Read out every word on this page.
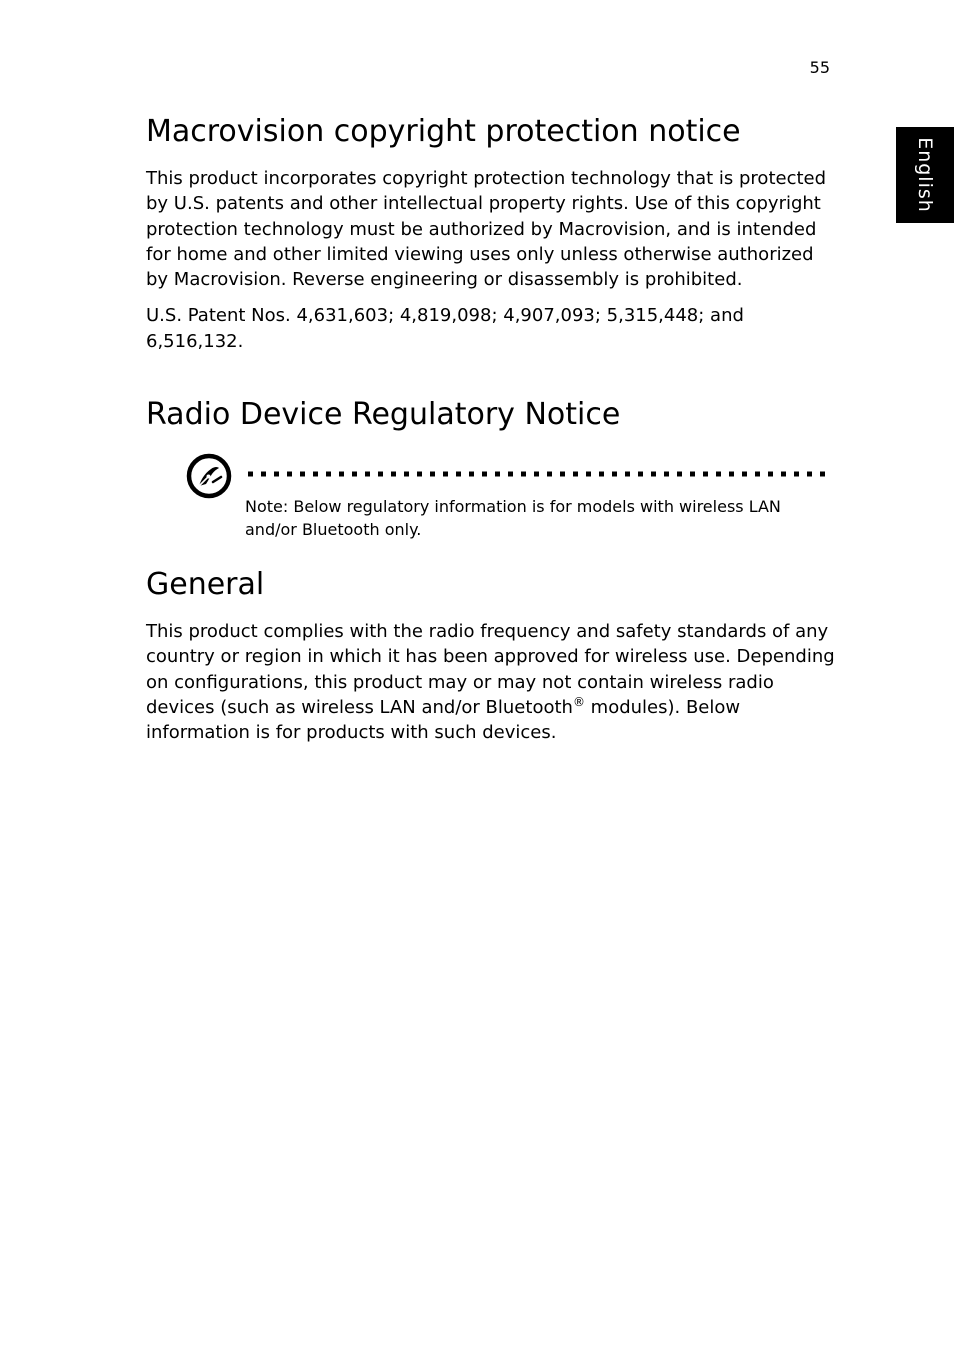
55
English
Macrovision copyright protection notice

This product incorporates copyright protection technology that is protected by U.S. patents and other intellectual property rights. Use of this copyright protection technology must be authorized by Macrovision, and is intended for home and other limited viewing uses only unless otherwise authorized by Macrovision. Reverse engineering or disassembly is prohibited.

U.S. Patent Nos. 4,631,603; 4,819,098; 4,907,093; 5,315,448; and 6,516,132.

Radio Device Regulatory Notice
Note: Below regulatory information is for models with wireless LAN and/or Bluetooth only.
General

This product complies with the radio frequency and safety standards of any country or region in which it has been approved for wireless use. Depending on configurations, this product may or may not contain wireless radio devices (such as wireless LAN and/or Bluetooth® modules). Below information is for products with such devices.
